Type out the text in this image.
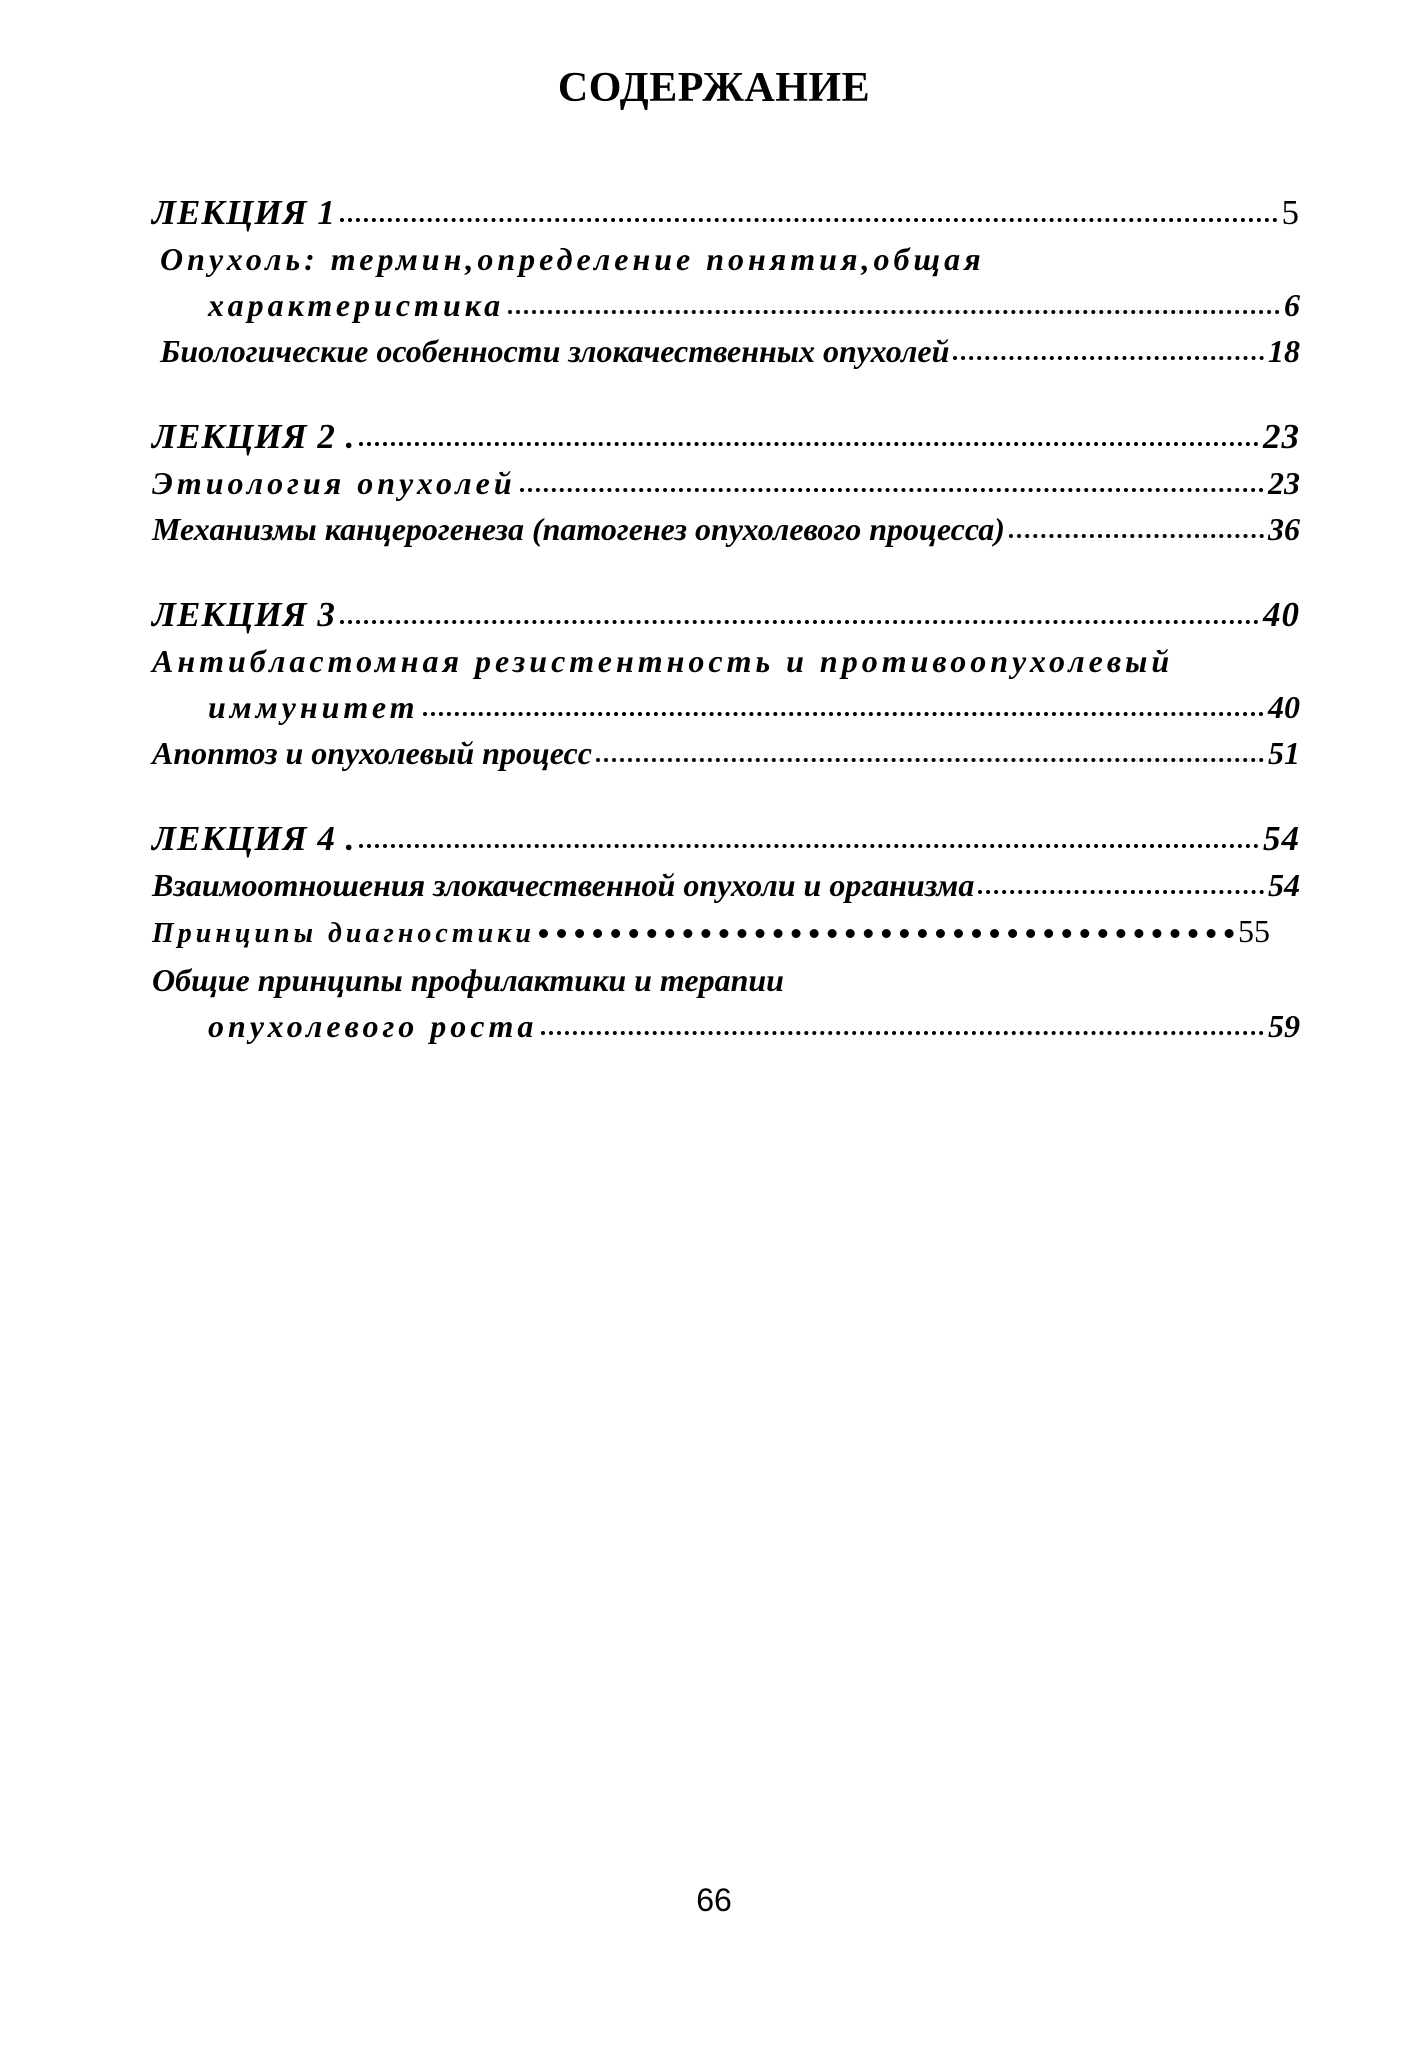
СОДЕРЖАНИЕ
ЛЕКЦИЯ 1	5
Опухоль: термин,определение понятия,общая
характеристика	6
Биологические особенности злокачественных опухолей	18
ЛЕКЦИЯ 2 .	23
Этиология опухолей	23
Механизмы канцерогенеза (патогенез опухолевого процесса)	36
ЛЕКЦИЯ 3	40
Антибластомная резистентность и противоопухолевый
иммунитет	40
Апоптоз и опухолевый процесс	51
ЛЕКЦИЯ 4 .	54
Взаимоотношения злокачественной опухоли и организма	54
Принципы диагностики	55
Общие принципы профилактики и терапии
опухолевого роста	59
66
